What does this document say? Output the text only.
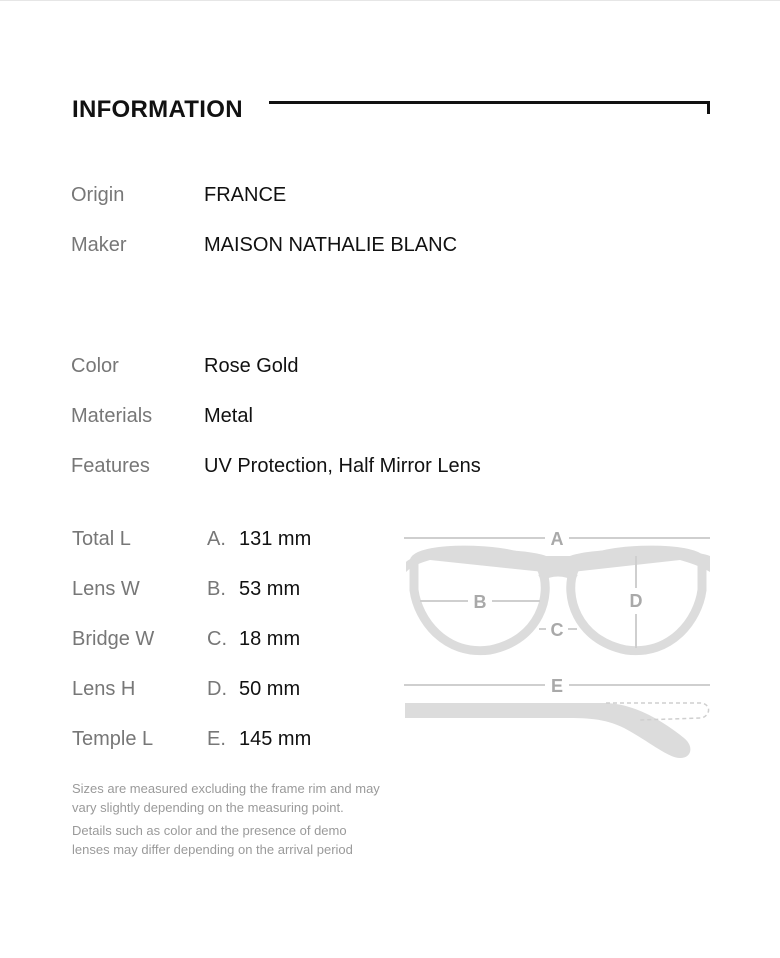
INFORMATION
Origin	FRANCE
Maker	MAISON NATHALIE BLANC
Color	Rose Gold
Materials	Metal
Features	UV Protection, Half Mirror Lens
Total L	A. 131 mm
Lens W	B. 53 mm
Bridge W	C. 18 mm
Lens H	D. 50 mm
Temple L	E. 145 mm
A
B
C
D
E

Sizes are measured excluding the frame rim and may
vary slightly depending on the measuring point.

Details such as color and the presence of demo
lenses may differ depending on the arrival period
